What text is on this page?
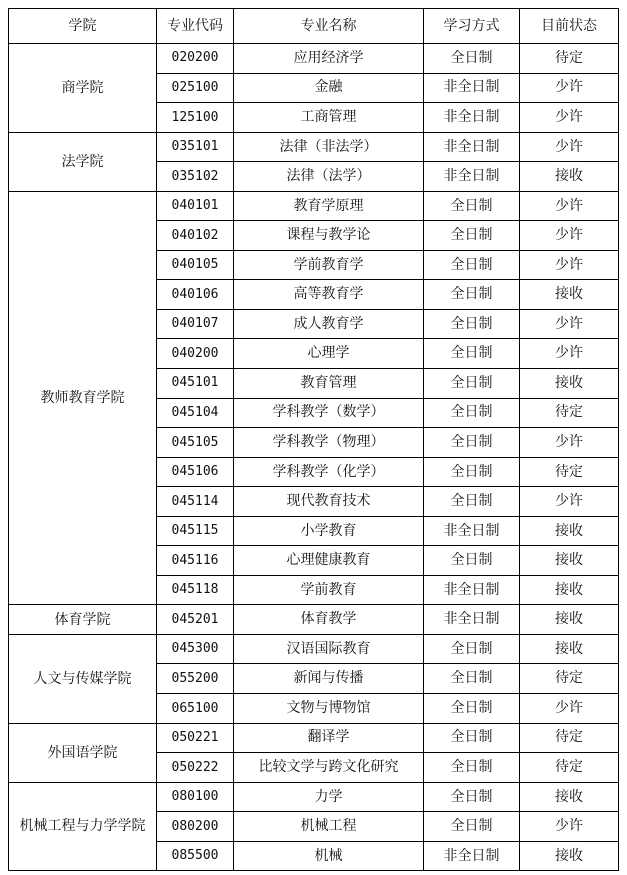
学院	专业代码	专业名称	学习方式	目前状态
商学院	020200	应用经济学	全日制	待定
	025100	金融	非全日制	少许
	125100	工商管理	非全日制	少许
法学院	035101	法律（非法学）	非全日制	少许
	035102	法律（法学）	非全日制	接收
教师教育学院	040101	教育学原理	全日制	少许
	040102	课程与教学论	全日制	少许
	040105	学前教育学	全日制	少许
	040106	高等教育学	全日制	接收
	040107	成人教育学	全日制	少许
	040200	心理学	全日制	少许
	045101	教育管理	全日制	接收
	045104	学科教学（数学）	全日制	待定
	045105	学科教学（物理）	全日制	少许
	045106	学科教学（化学）	全日制	待定
	045114	现代教育技术	全日制	少许
	045115	小学教育	非全日制	接收
	045116	心理健康教育	全日制	接收
	045118	学前教育	非全日制	接收
体育学院	045201	体育教学	非全日制	接收
人文与传媒学院	045300	汉语国际教育	全日制	接收
	055200	新闻与传播	全日制	待定
	065100	文物与博物馆	全日制	少许
外国语学院	050221	翻译学	全日制	待定
	050222	比较文学与跨文化研究	全日制	待定
机械工程与力学学院	080100	力学	全日制	接收
	080200	机械工程	全日制	少许
	085500	机械	非全日制	接收
